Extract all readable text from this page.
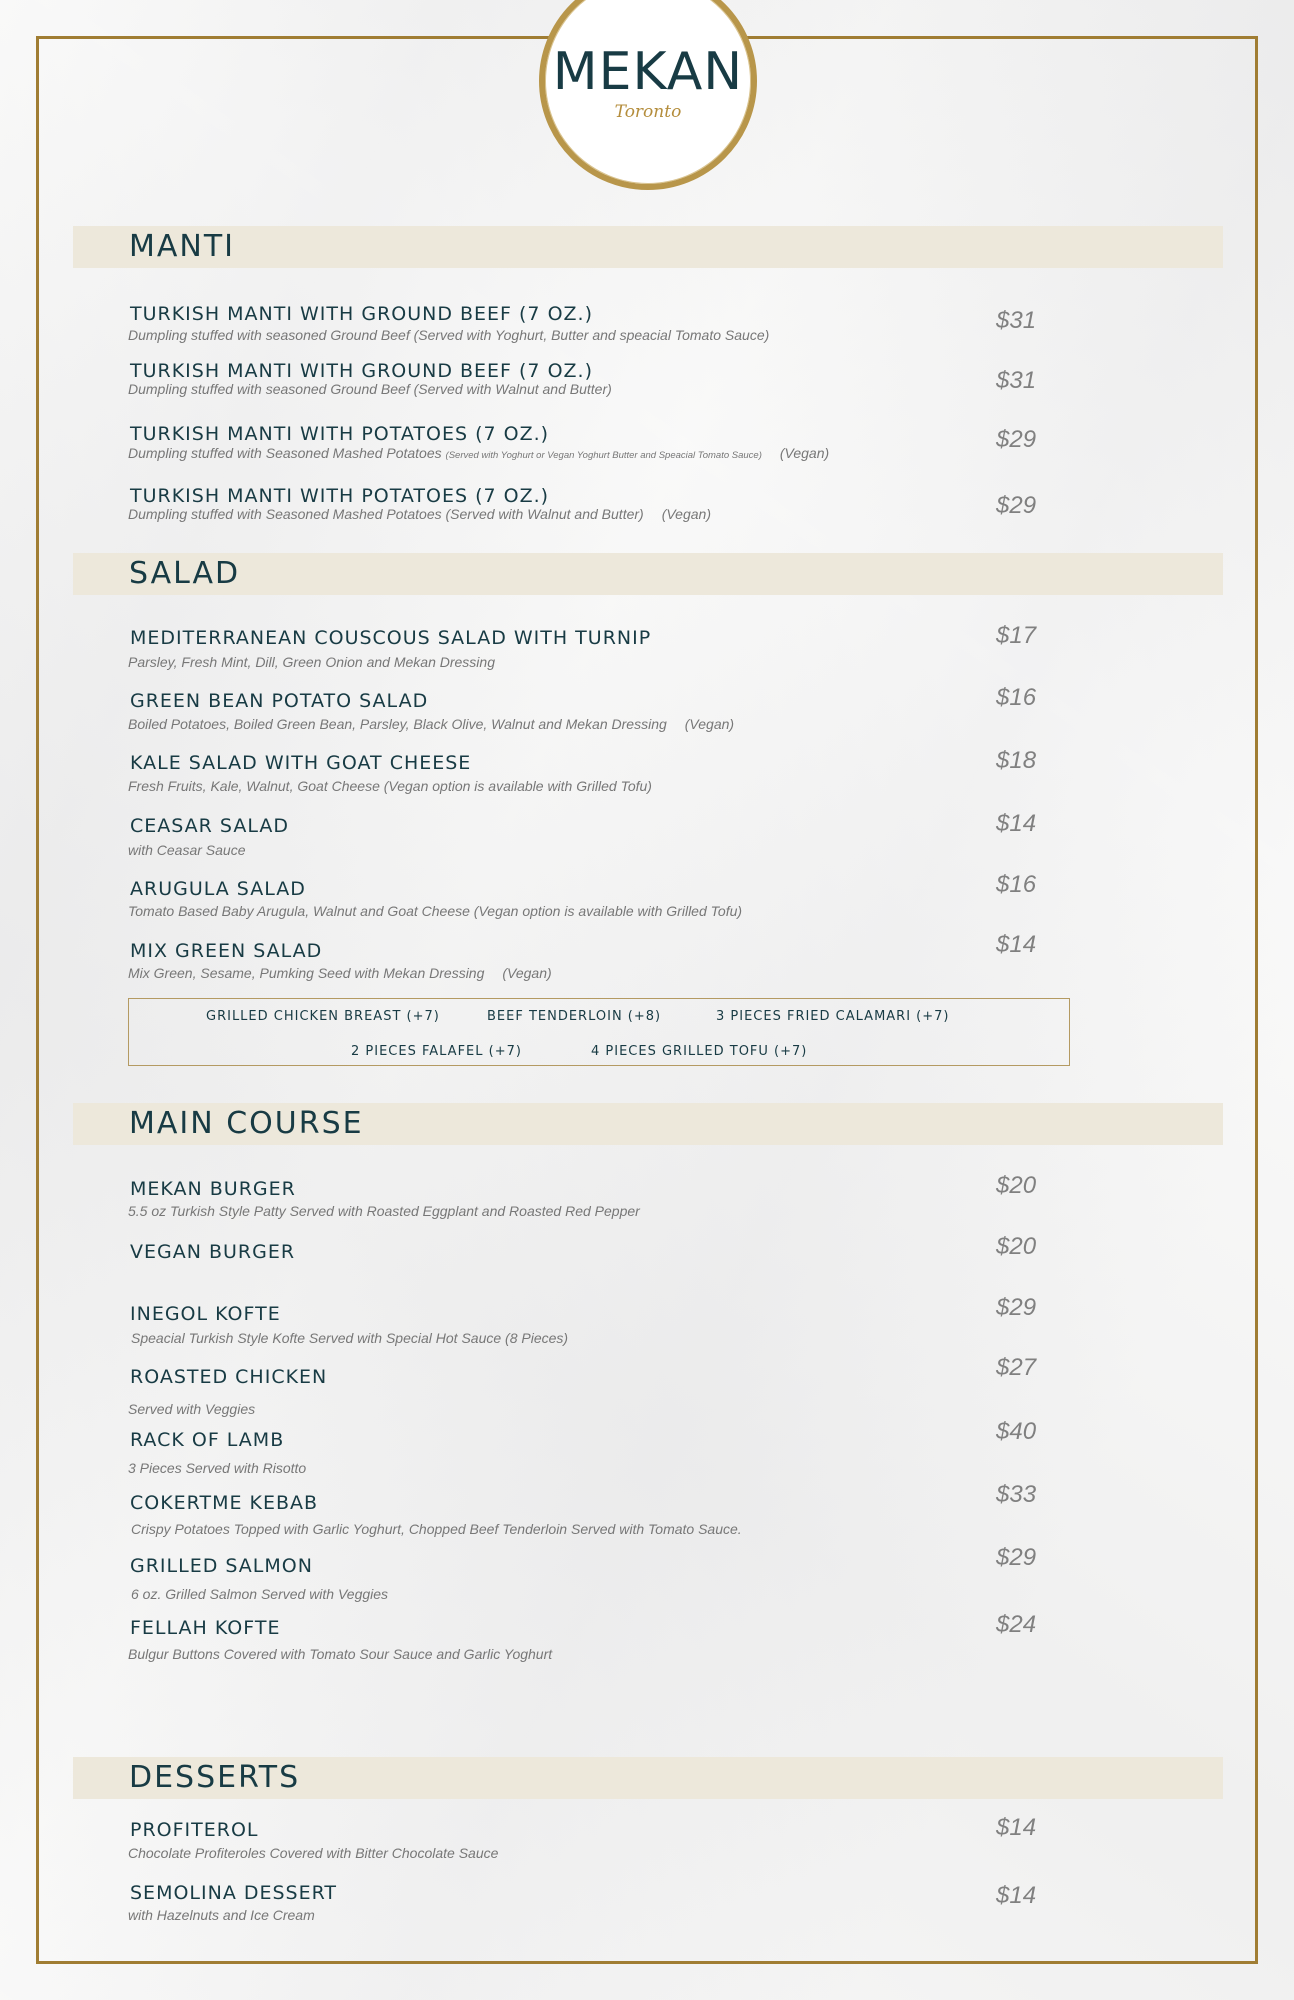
MEKAN
Toronto
MANTI
TURKISH MANTI WITH GROUND BEEF (7 OZ.)
Dumpling stuffed with seasoned Ground Beef (Served with Yoghurt, Butter and speacial Tomato Sauce)
$31
TURKISH MANTI WITH GROUND BEEF (7 OZ.)
Dumpling stuffed with seasoned Ground Beef (Served with Walnut and Butter)	$31
TURKISH MANTI WITH POTATOES (7 OZ.)
Dumpling stuffed with Seasoned Mashed Potatoes (Served with Yoghurt or Vegan Yoghurt Butter and Speacial Tomato Sauce) (Vegan)	$29
TURKISH MANTI WITH POTATOES (7 OZ.)
Dumpling stuffed with Seasoned Mashed Potatoes (Served with Walnut and Butter) (Vegan)	$29
SALAD
MEDITERRANEAN COUSCOUS SALAD WITH TURNIP
Parsley, Fresh Mint, Dill, Green Onion and Mekan Dressing
$17
GREEN BEAN POTATO SALAD
Boiled Potatoes, Boiled Green Bean, Parsley, Black Olive, Walnut and Mekan Dressing (Vegan)
$16
KALE SALAD WITH GOAT CHEESE
Fresh Fruits, Kale, Walnut, Goat Cheese (Vegan option is available with Grilled Tofu)
$18
CEASAR SALAD
with Ceasar Sauce
$14
ARUGULA SALAD
Tomato Based Baby Arugula, Walnut and Goat Cheese (Vegan option is available with Grilled Tofu)
$16
MIX GREEN SALAD
Mix Green, Sesame, Pumking Seed with Mekan Dressing (Vegan)
$14
GRILLED CHICKEN BREAST (+7)	BEEF TENDERLOIN (+8)	3 PIECES FRIED CALAMARI (+7)
2 PIECES FALAFEL (+7)	4 PIECES GRILLED TOFU (+7)
MAIN COURSE
MEKAN BURGER
5.5 oz Turkish Style Patty Served with Roasted Eggplant and Roasted Red Pepper
$20
VEGAN BURGER	$20
INEGOL KOFTE
Speacial Turkish Style Kofte Served with Special Hot Sauce (8 Pieces)
$29
ROASTED CHICKEN
Served with Veggies
$27
RACK OF LAMB
3 Pieces Served with Risotto
$40
COKERTME KEBAB
Crispy Potatoes Topped with Garlic Yoghurt, Chopped Beef Tenderloin Served with Tomato Sauce.
$33
GRILLED SALMON
6 oz. Grilled Salmon Served with Veggies
$29
FELLAH KOFTE
Bulgur Buttons Covered with Tomato Sour Sauce and Garlic Yoghurt
$24
DESSERTS
PROFITEROL
Chocolate Profiteroles Covered with Bitter Chocolate Sauce
$14
SEMOLINA DESSERT
with Hazelnuts and Ice Cream
$14
